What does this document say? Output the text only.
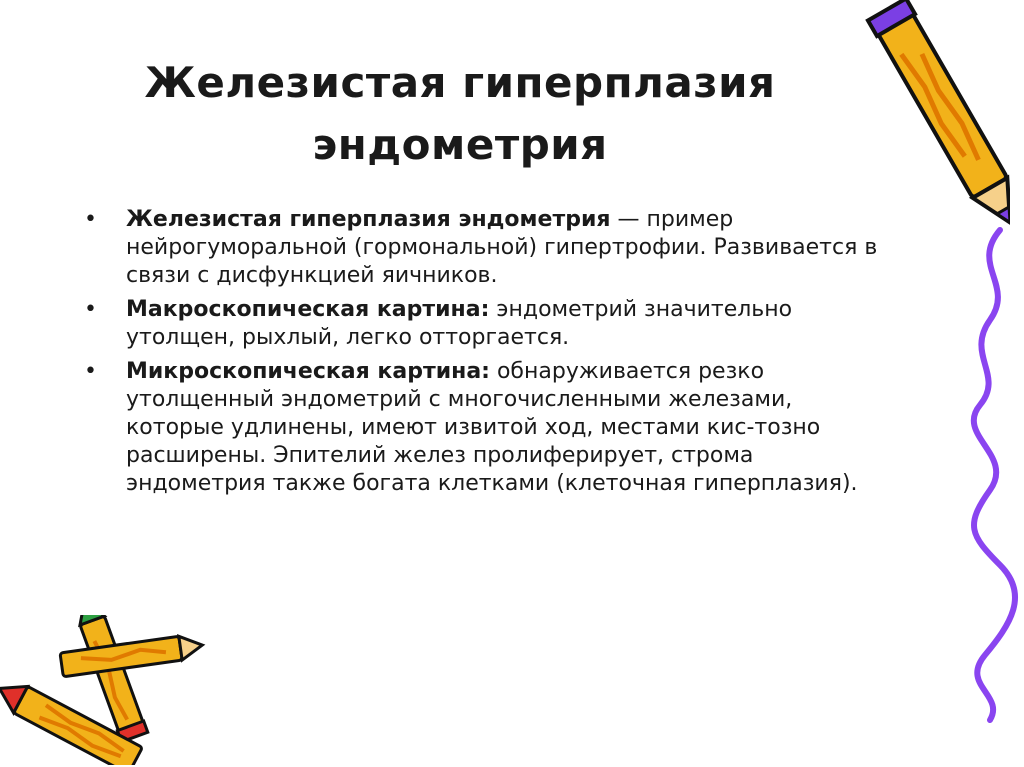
Железистая гиперплазия
эндометрия
• Железистая гиперплазия эндометрия — пример нейрогуморальной (гормональной) гипертрофии. Развивается в связи с дисфункцией яичников.
• Макроскопическая картина: эндометрий значительно утолщен, рыхлый, легко отторгается.
• Микроскопическая картина: обнаруживается резко утолщенный эндометрий с многочисленными железами, которые удлинены, имеют извитой ход, местами кис-тозно расширены. Эпителий желез пролиферирует, строма эндометрия также богата клетками (клеточная гиперплазия).
